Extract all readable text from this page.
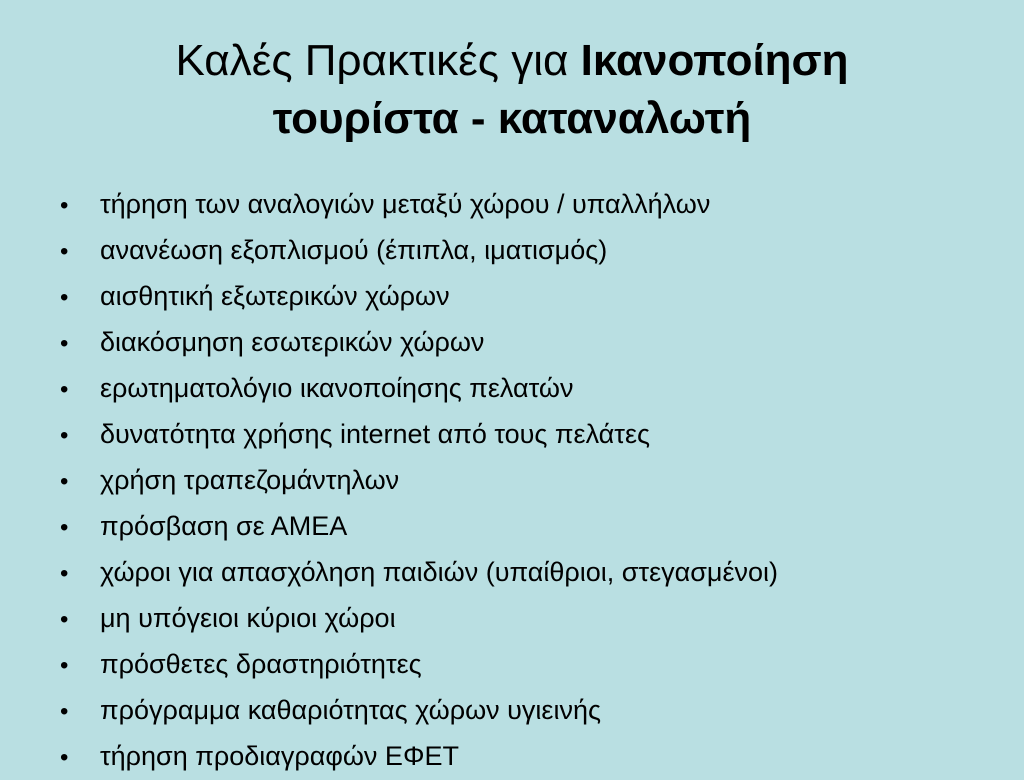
Καλές Πρακτικές για Ικανοποίηση
τουρίστα - καταναλωτή
•	τήρηση των αναλογιών μεταξύ χώρου / υπαλλήλων
•	ανανέωση εξοπλισμού (έπιπλα, ιματισμός)
•	αισθητική εξωτερικών χώρων
•	διακόσμηση εσωτερικών χώρων
•	ερωτηματολόγιο ικανοποίησης πελατών
•	δυνατότητα χρήσης internet από τους πελάτες
•	χρήση τραπεζομάντηλων
•	πρόσβαση σε ΑΜΕΑ
•	χώροι για απασχόληση παιδιών (υπαίθριοι, στεγασμένοι)
•	μη υπόγειοι κύριοι χώροι
•	πρόσθετες δραστηριότητες
•	πρόγραμμα καθαριότητας χώρων υγιεινής
•	τήρηση προδιαγραφών ΕΦΕΤ
